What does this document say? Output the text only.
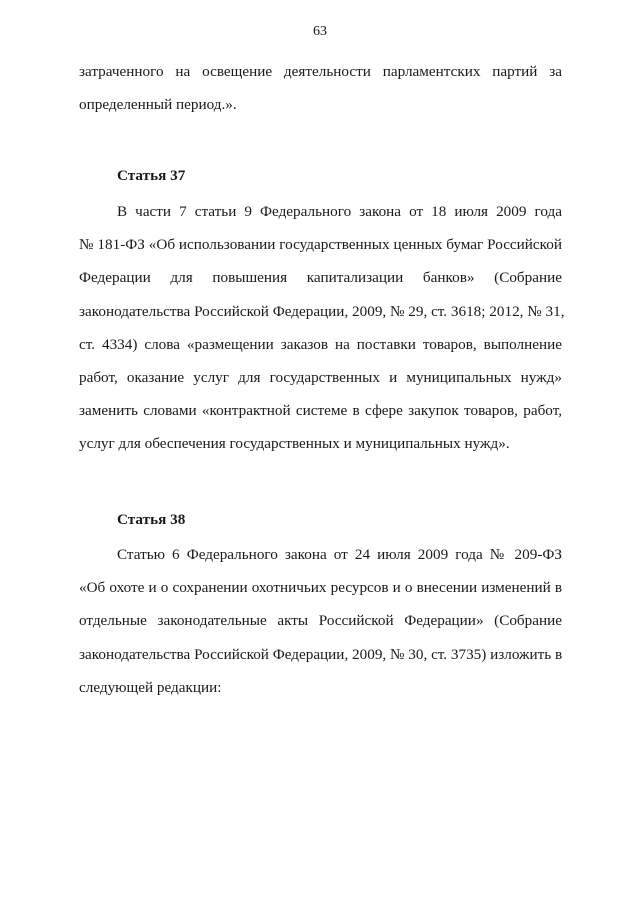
63
затраченного на освещение деятельности парламентских партий за
определенный период.».
Статья 37
В части 7 статьи 9 Федерального закона от 18 июля 2009 года
№ 181-ФЗ «Об использовании государственных ценных бумаг Российской
Федерации для повышения капитализации банков» (Собрание
законодательства Российской Федерации, 2009, № 29, ст. 3618; 2012, № 31,
ст. 4334) слова «размещении заказов на поставки товаров, выполнение
работ, оказание услуг для государственных и муниципальных нужд»
заменить словами «контрактной системе в сфере закупок товаров, работ,
услуг для обеспечения государственных и муниципальных нужд».
Статья 38
Статью 6 Федерального закона от 24 июля 2009 года № 209-ФЗ
«Об охоте и о сохранении охотничьих ресурсов и о внесении изменений в
отдельные законодательные акты Российской Федерации» (Собрание
законодательства Российской Федерации, 2009, № 30, ст. 3735) изложить в
следующей редакции:
